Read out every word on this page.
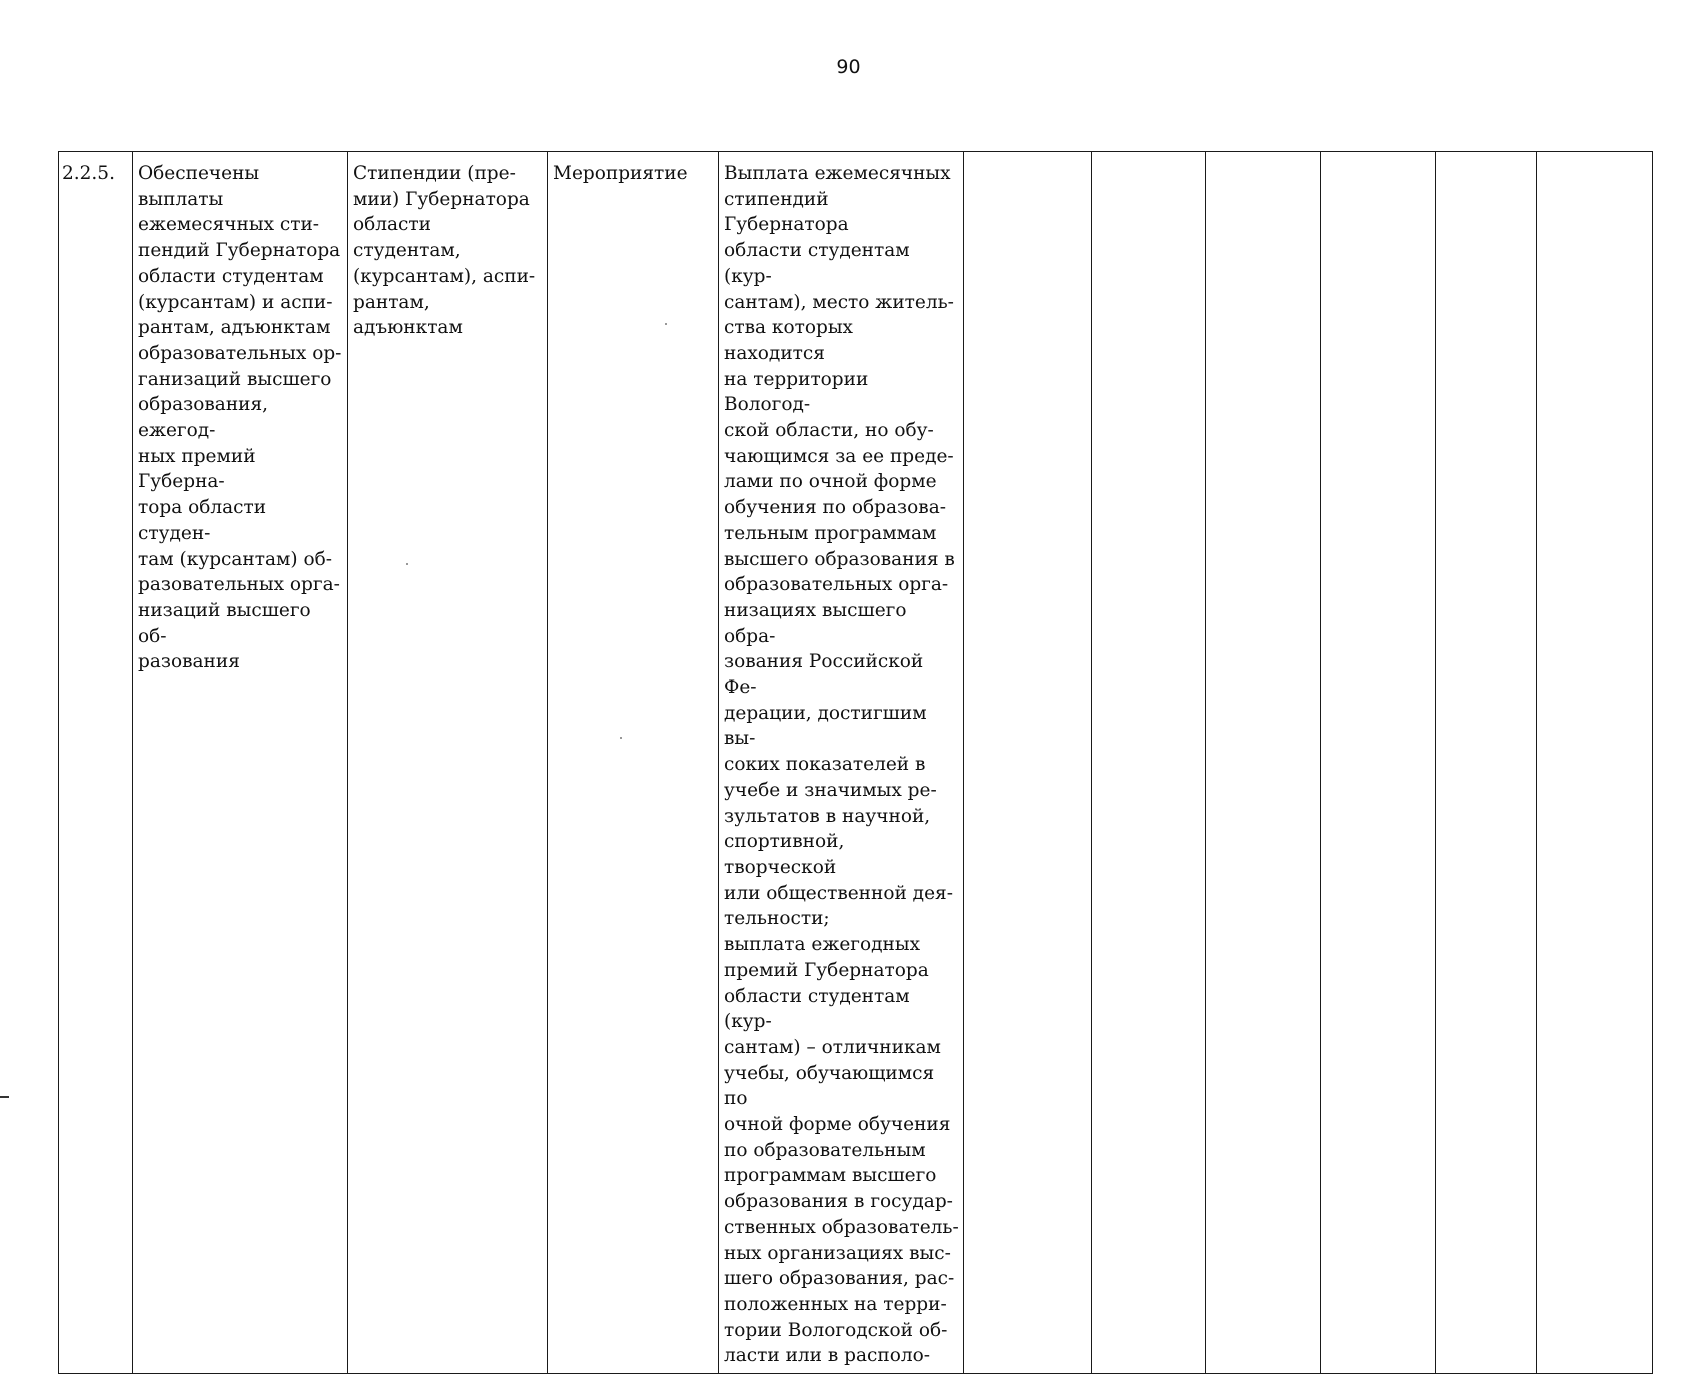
90
2.2.5.	Обеспечены выплаты
ежемесячных сти-
пендий Губернатора
области студентам
(курсантам) и аспи-
рантам, адъюнктам
образовательных ор-
ганизаций высшего
образования, ежегод-
ных премий Губерна-
тора области студен-
там (курсантам) об-
разовательных орга-
низаций высшего об-
разования	Стипендии (пре-
мии) Губернатора
области студентам,
(курсантам), аспи-
рантам, адъюнктам	Мероприятие	Выплата ежемесячных
стипендий Губернатора
области студентам (кур-
сантам), место житель-
ства которых находится
на территории Вологод-
ской области, но обу-
чающимся за ее преде-
лами по очной форме
обучения по образова-
тельным программам
высшего образования в
образовательных орга-
низациях высшего обра-
зования Российской Фе-
дерации, достигшим вы-
соких показателей в
учебе и значимых ре-
зультатов в научной,
спортивной, творческой
или общественной дея-
тельности;
выплата ежегодных
премий Губернатора
области студентам (кур-
сантам) – отличникам
учебы, обучающимся по
очной форме обучения
по образовательным
программам высшего
образования в государ-
ственных образователь-
ных организациях выс-
шего образования, рас-
положенных на терри-
тории Вологодской об-
ласти или в располо-						
